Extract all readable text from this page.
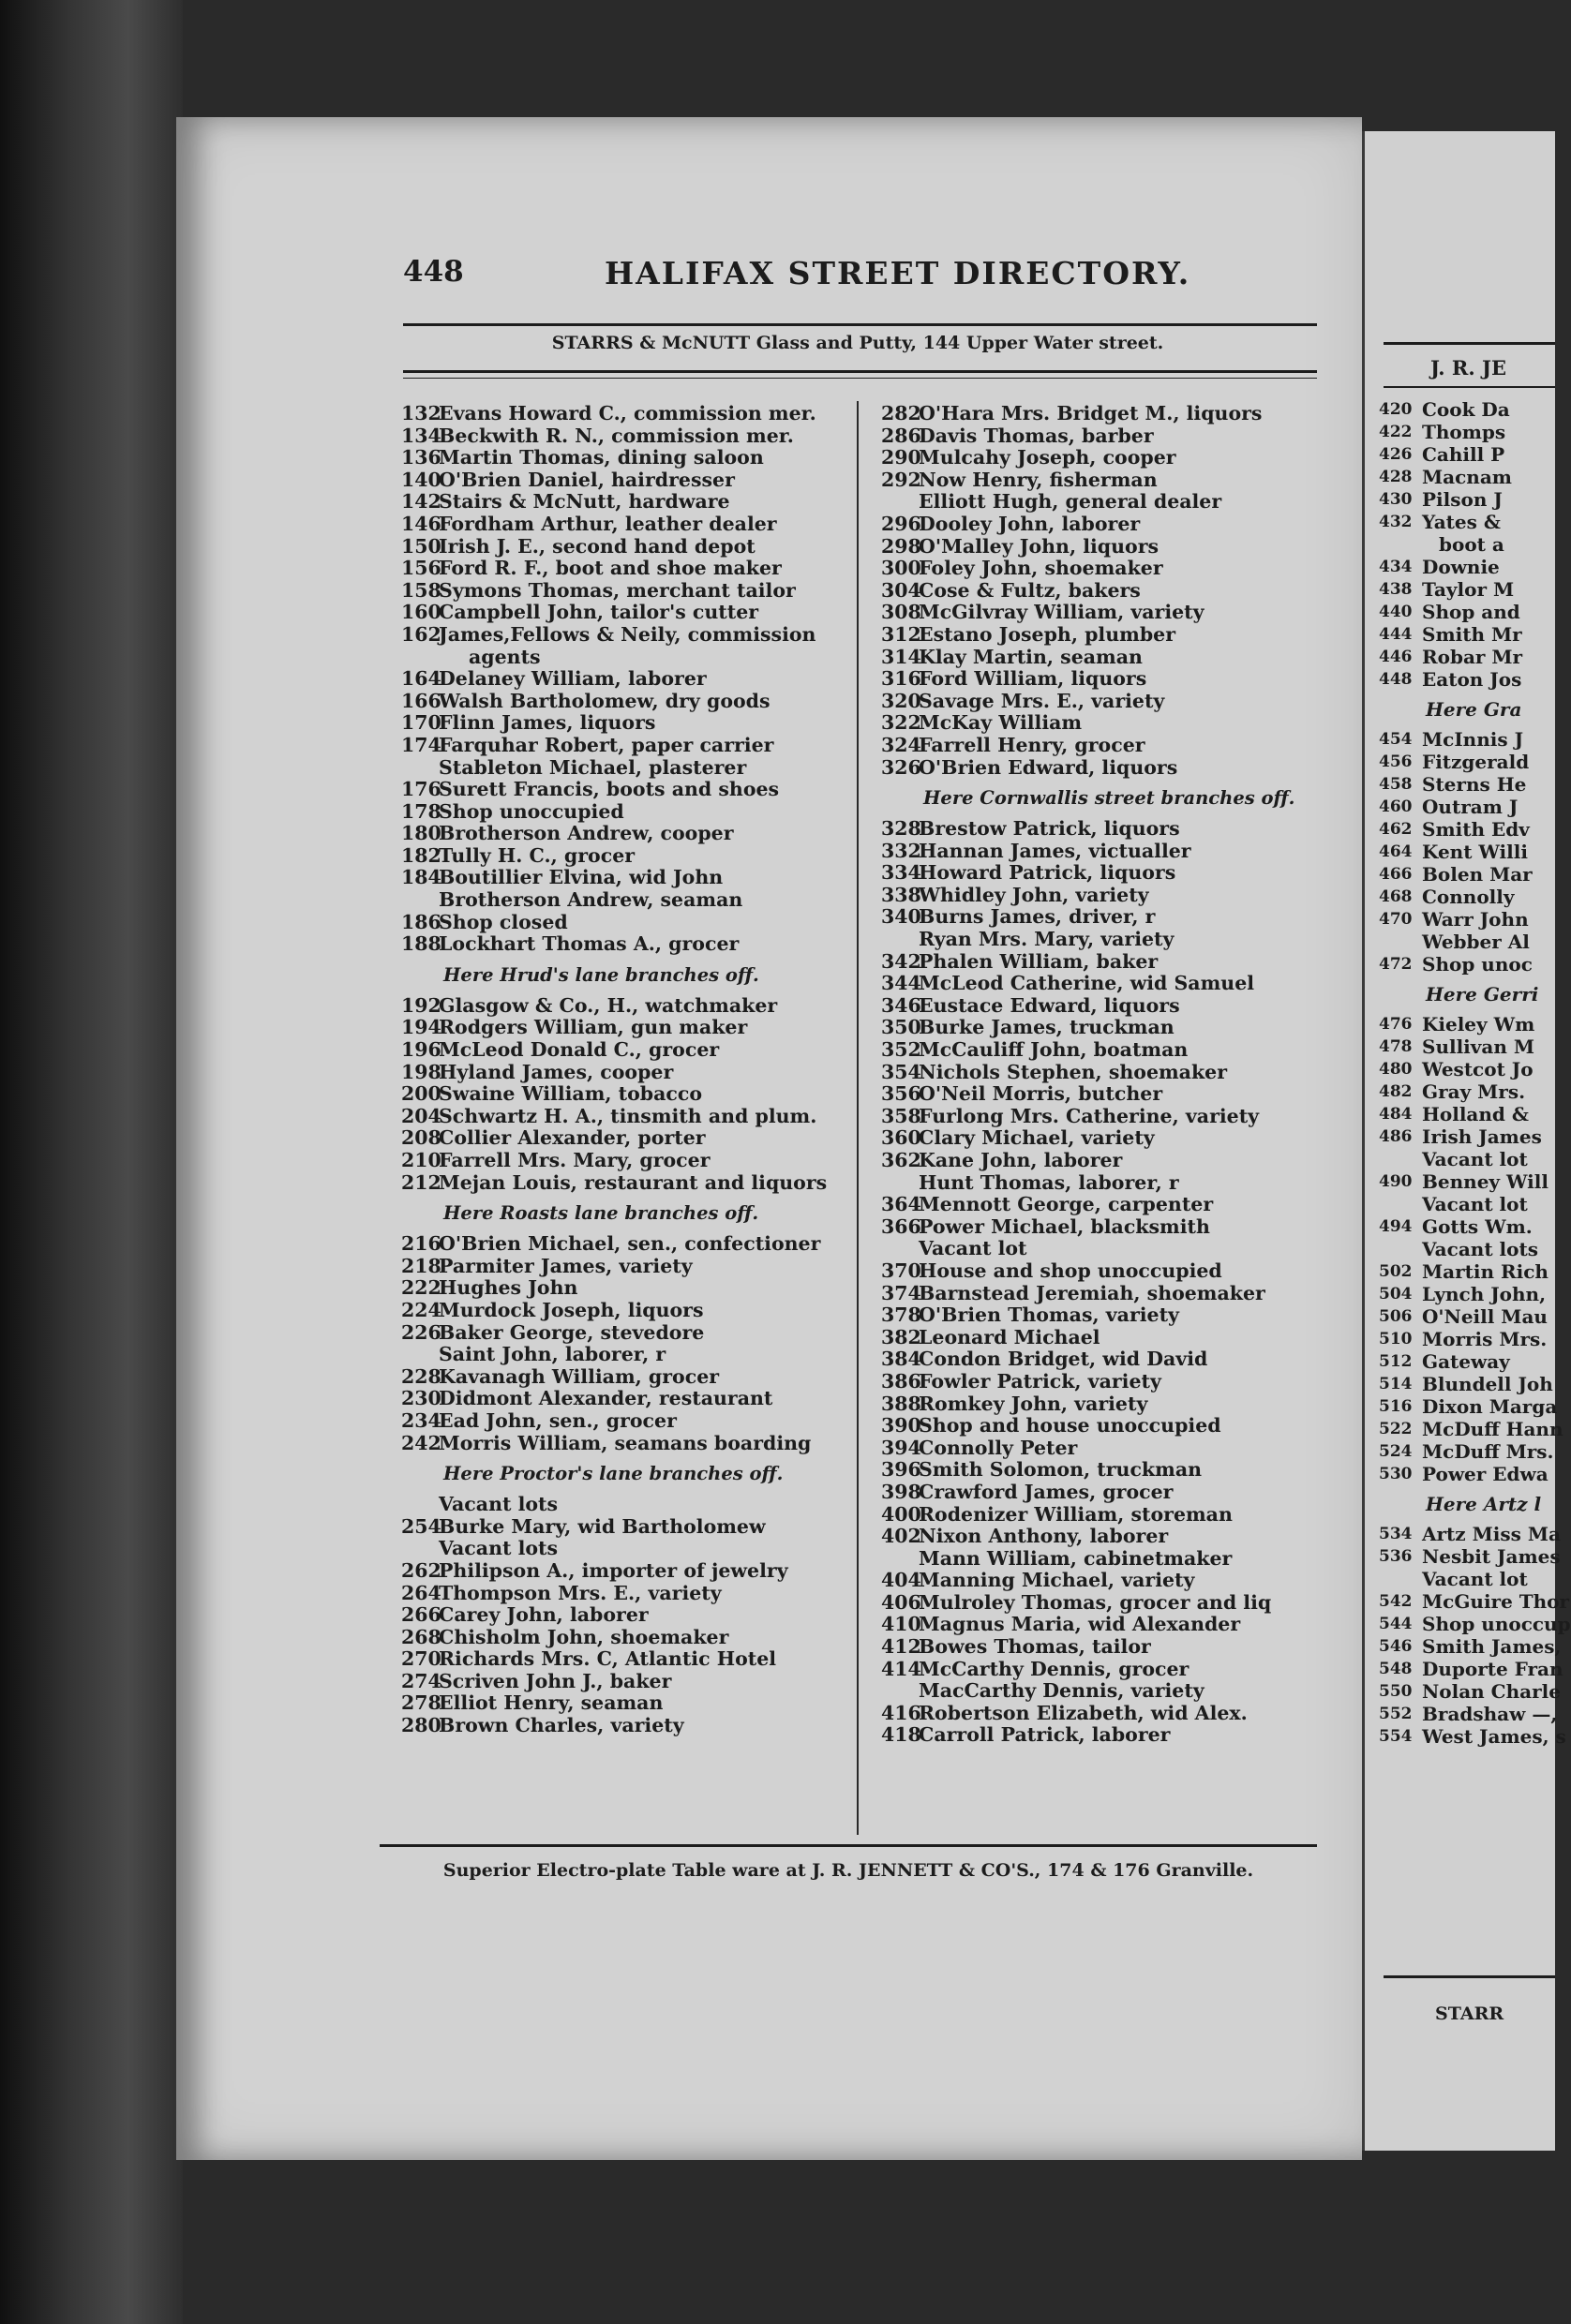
448	HALIFAX STREET DIRECTORY.
STARRS & McNUTT Glass and Putty, 144 Upper Water street.
132
Evans Howard C., commission mer.
134
Beckwith R. N., commission mer.
136
Martin Thomas, dining saloon
140
O'Brien Daniel, hairdresser
142
Stairs & McNutt, hardware
146
Fordham Arthur, leather dealer
150
Irish J. E., second hand depot
156
Ford R. F., boot and shoe maker
158
Symons Thomas, merchant tailor
160
Campbell John, tailor's cutter
162
James,Fellows & Neily, commission
agents
164
Delaney William, laborer
166
Walsh Bartholomew, dry goods
170
Flinn James, liquors
174
Farquhar Robert, paper carrier
Stableton Michael, plasterer
176
Surett Francis, boots and shoes
178
Shop unoccupied
180
Brotherson Andrew, cooper
182
Tully H. C., grocer
184
Boutillier Elvina, wid John
Brotherson Andrew, seaman
186
Shop closed
188
Lockhart Thomas A., grocer
Here Hrud's lane branches off.
192
Glasgow & Co., H., watchmaker
194
Rodgers William, gun maker
196
McLeod Donald C., grocer
198
Hyland James, cooper
200
Swaine William, tobacco
204
Schwartz H. A., tinsmith and plum.
208
Collier Alexander, porter
210
Farrell Mrs. Mary, grocer
212
Mejan Louis, restaurant and liquors
Here Roasts lane branches off.
216
O'Brien Michael, sen., confectioner
218
Parmiter James, variety
222
Hughes John
224
Murdock Joseph, liquors
226
Baker George, stevedore
Saint John, laborer, r
228
Kavanagh William, grocer
230
Didmont Alexander, restaurant
234
Ead John, sen., grocer
242
Morris William, seamans boarding
Here Proctor's lane branches off.
Vacant lots
254
Burke Mary, wid Bartholomew
Vacant lots
262
Philipson A., importer of jewelry
264
Thompson Mrs. E., variety
266
Carey John, laborer
268
Chisholm John, shoemaker
270
Richards Mrs. C, Atlantic Hotel
274
Scriven John J., baker
278
Elliot Henry, seaman
280
Brown Charles, variety
282
O'Hara Mrs. Bridget M., liquors
286
Davis Thomas, barber
290
Mulcahy Joseph, cooper
292
Now Henry, fisherman
Elliott Hugh, general dealer
296
Dooley John, laborer
298
O'Malley John, liquors
300
Foley John, shoemaker
304
Cose & Fultz, bakers
308
McGilvray William, variety
312
Estano Joseph, plumber
314
Klay Martin, seaman
316
Ford William, liquors
320
Savage Mrs. E., variety
322
McKay William
324
Farrell Henry, grocer
326
O'Brien Edward, liquors
Here Cornwallis street branches off.
328
Brestow Patrick, liquors
332
Hannan James, victualler
334
Howard Patrick, liquors
338
Whidley John, variety
340
Burns James, driver, r
Ryan Mrs. Mary, variety
342
Phalen William, baker
344
McLeod Catherine, wid Samuel
346
Eustace Edward, liquors
350
Burke James, truckman
352
McCauliff John, boatman
354
Nichols Stephen, shoemaker
356
O'Neil Morris, butcher
358
Furlong Mrs. Catherine, variety
360
Clary Michael, variety
362
Kane John, laborer
Hunt Thomas, laborer, r
364
Mennott George, carpenter
366
Power Michael, blacksmith
Vacant lot
370
House and shop unoccupied
374
Barnstead Jeremiah, shoemaker
378
O'Brien Thomas, variety
382
Leonard Michael
384
Condon Bridget, wid David
386
Fowler Patrick, variety
388
Romkey John, variety
390
Shop and house unoccupied
394
Connolly Peter
396
Smith Solomon, truckman
398
Crawford James, grocer
400
Rodenizer William, storeman
402
Nixon Anthony, laborer
Mann William, cabinetmaker
404
Manning Michael, variety
406
Mulroley Thomas, grocer and liq
410
Magnus Maria, wid Alexander
412
Bowes Thomas, tailor
414
McCarthy Dennis, grocer
MacCarthy Dennis, variety
416
Robertson Elizabeth, wid Alex.
418
Carroll Patrick, laborer
Superior Electro-plate Table ware at J. R. JENNETT & CO'S., 174 & 176 Granville.
J. R. JE
420 Cook Da
422 Thomps
426 Cahill P
428 Macnam
430 Pilson J
432 Yates &
boot a
434 Downie
438 Taylor M
440 Shop and
444 Smith Mr
446 Robar Mr
448 Eaton Jos
Here Gra
454 McInnis J
456 Fitzgerald
458 Sterns He
460 Outram J
462 Smith Edv
464 Kent Willi
466 Bolen Mar
468 Connolly
470 Warr John
Webber Al
472 Shop unoc
Here Gerri
476 Kieley Wm
478 Sullivan M
480 Westcot Jo
482 Gray Mrs.
484 Holland &
486 Irish James
Vacant lot
490 Benney Will
Vacant lot
494 Gotts Wm.
Vacant lots
502 Martin Rich
504 Lynch John,
506 O'Neill Mau
510 Morris Mrs.
512 Gateway
514 Blundell Joh
516 Dixon Marga
522 McDuff Hann
524 McDuff Mrs.
530 Power Edwa
Here Artz l
534 Artz Miss Ma
536 Nesbit James
Vacant lot
542 McGuire Thor
544 Shop unoccup
546 Smith James,
548 Duporte Fran
550 Nolan Charle
552 Bradshaw —,
554 West James, s
STARR
